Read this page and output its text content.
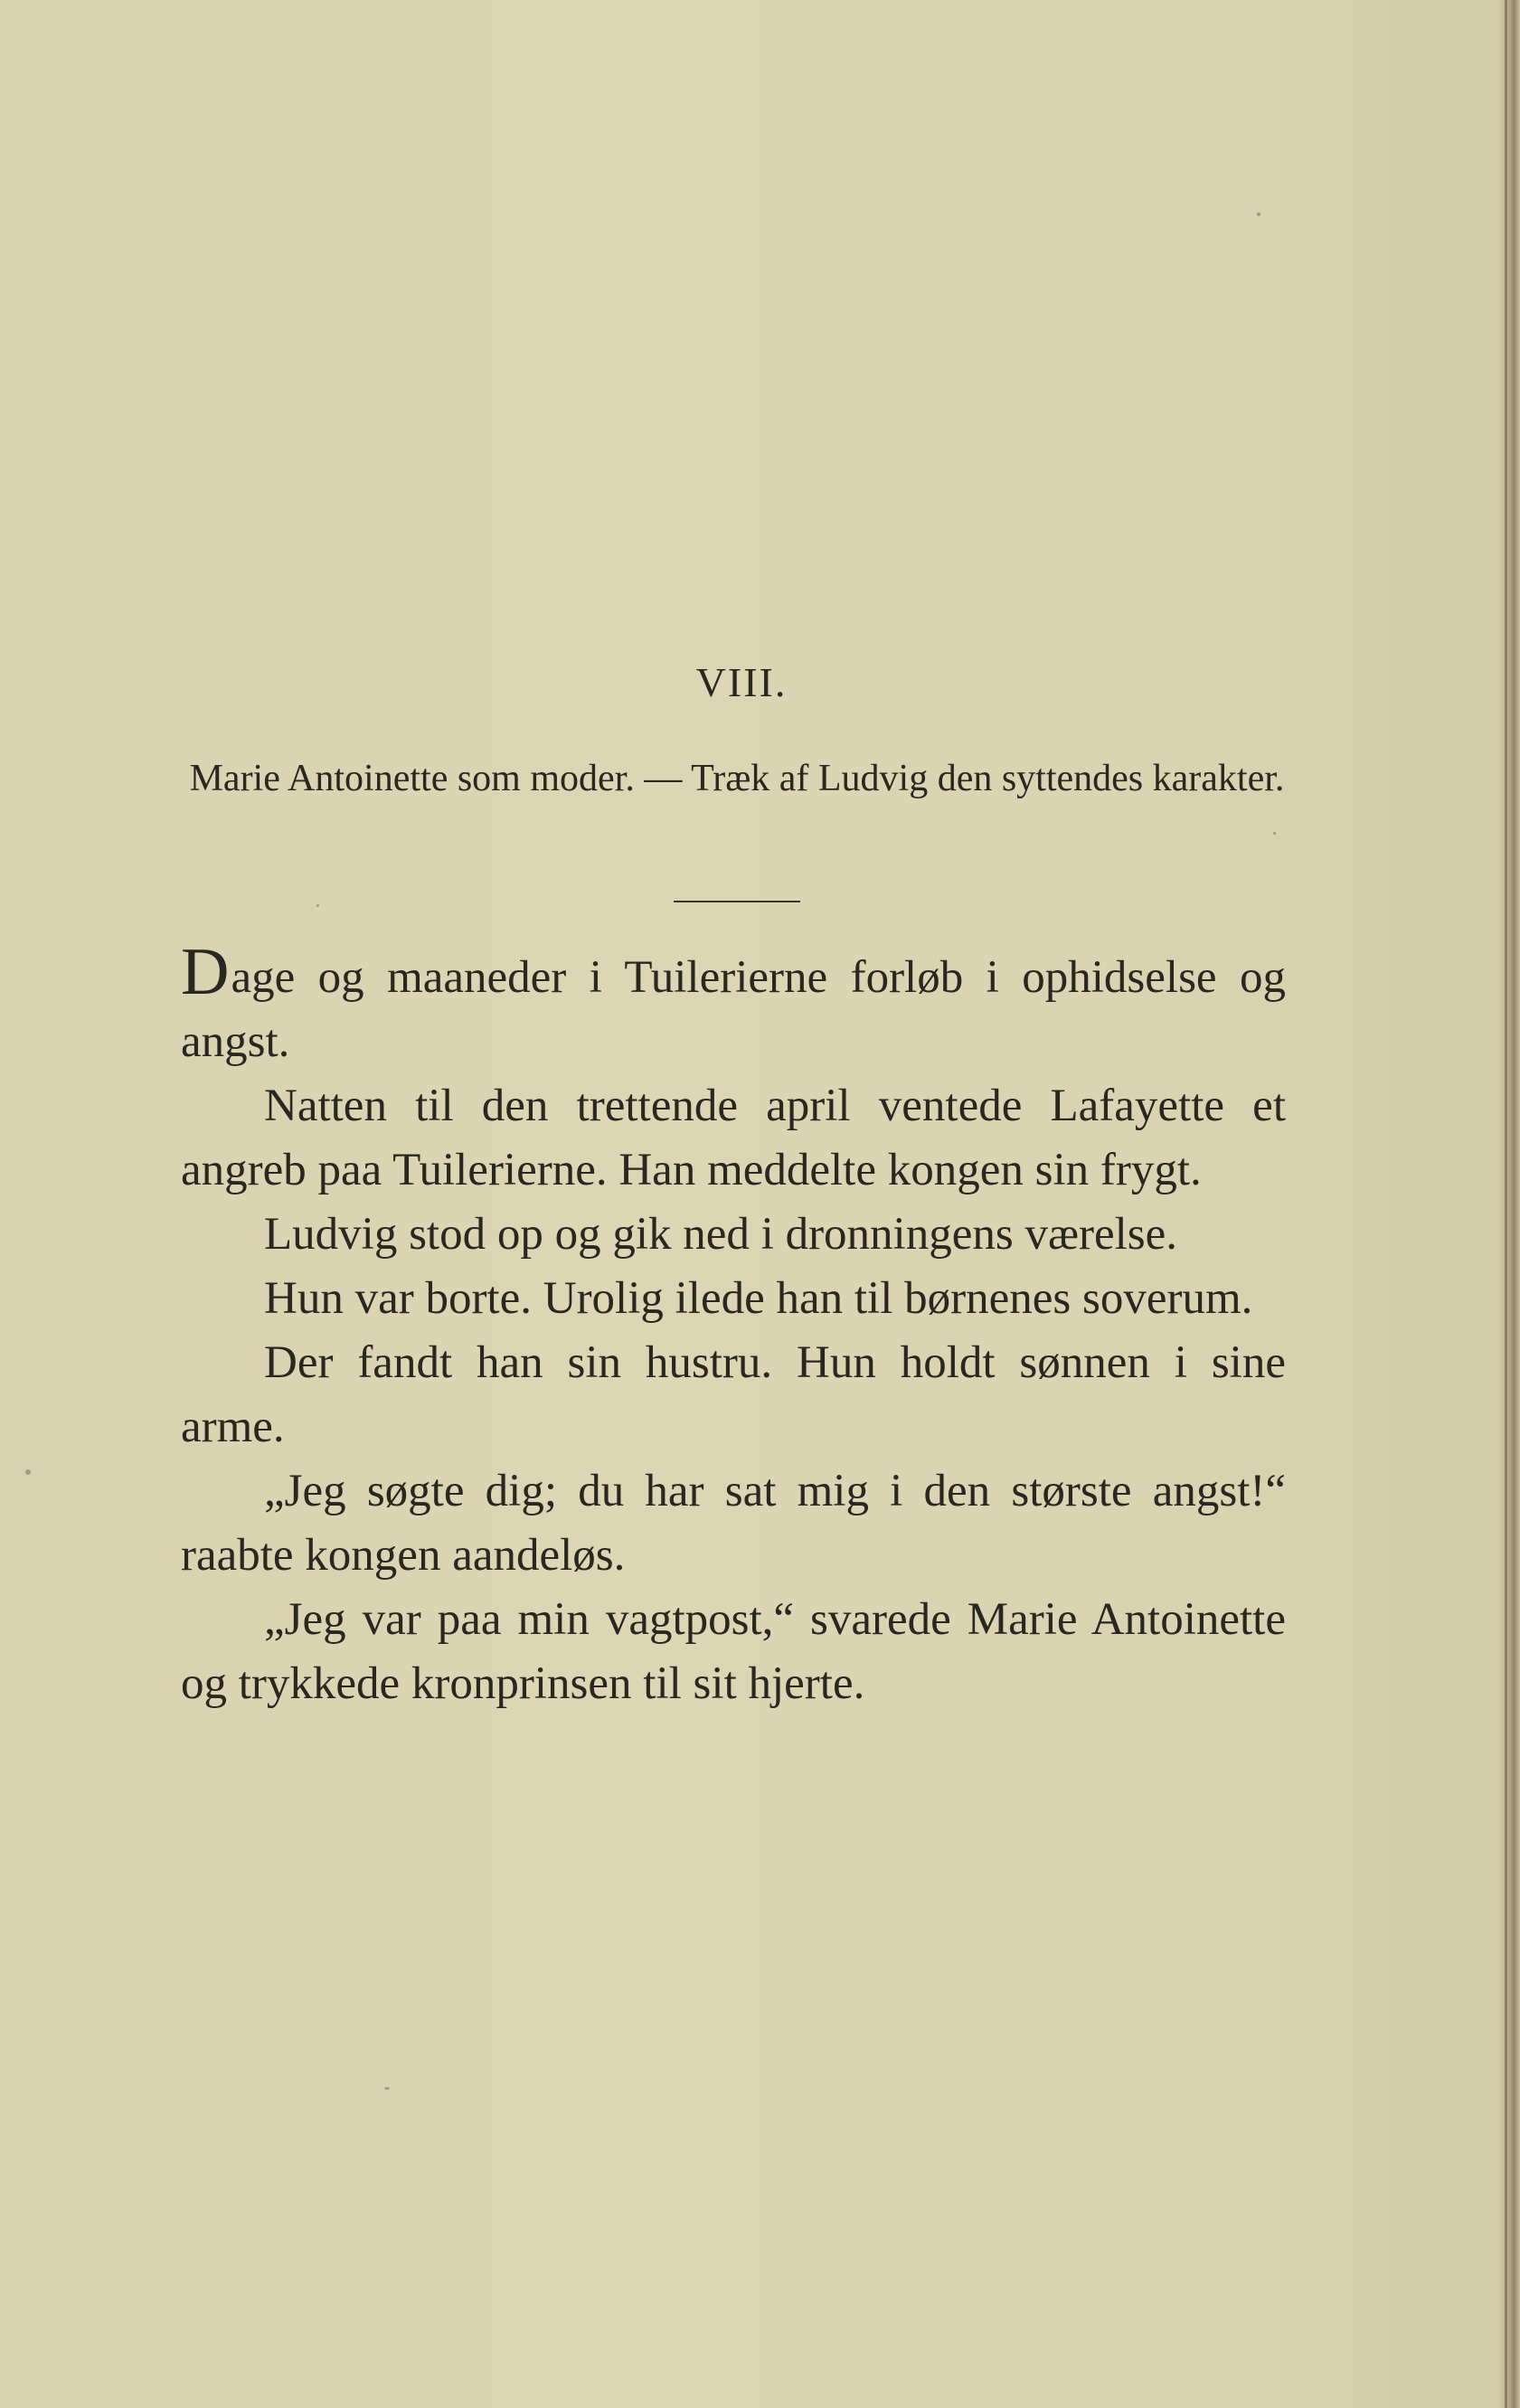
VIII.
Marie Antoinette som moder. — Træk af Ludvig den syttendes karakter.

Dage og maaneder i Tuilerierne forløb i ophidselse og angst.

Natten til den trettende april ventede Lafayette et angreb paa Tuilerierne. Han meddelte kongen sin frygt.

Ludvig stod op og gik ned i dronningens værelse.

Hun var borte. Urolig ilede han til børnenes soverum.

Der fandt han sin hustru. Hun holdt sønnen i sine arme.

„Jeg søgte dig; du har sat mig i den største angst!“ raabte kongen aandeløs.

„Jeg var paa min vagtpost,“ svarede Marie Antoinette og trykkede kronprinsen til sit hjerte.
